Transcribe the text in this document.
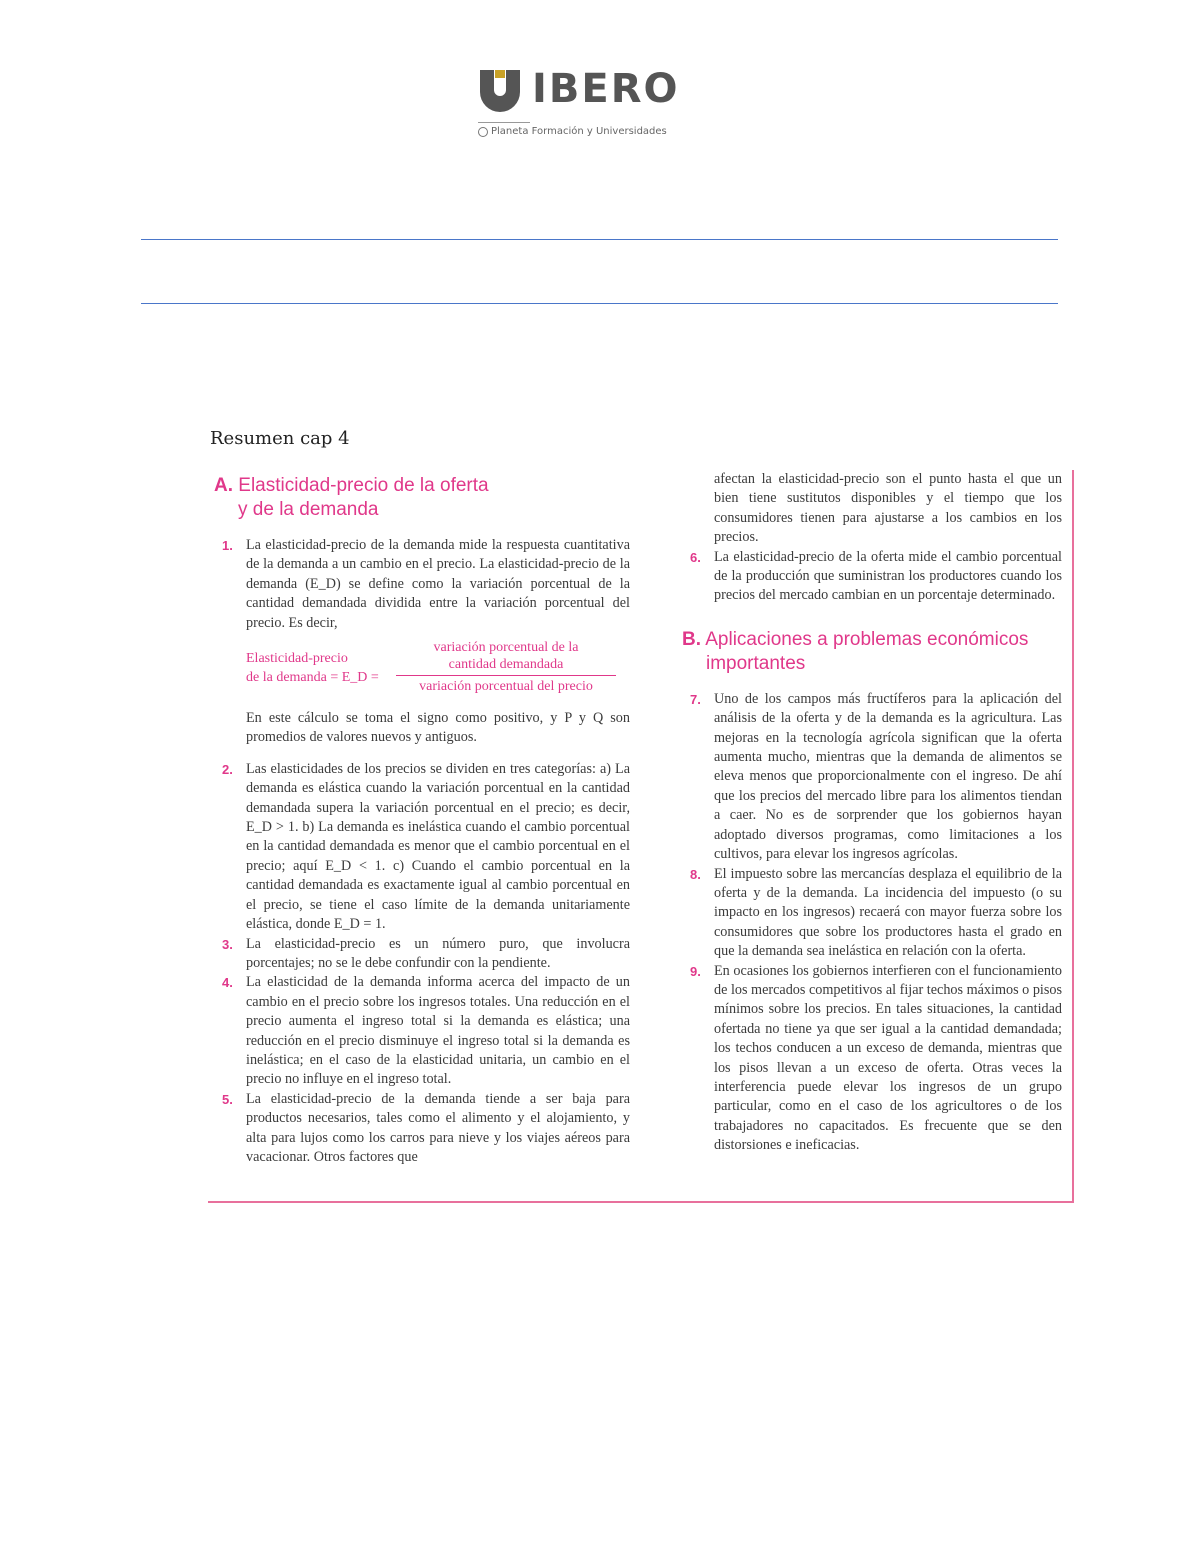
IBERO
Planeta Formación y Universidades
Resumen cap 4
A. Elasticidad-precio de la oferta
y de la demanda
1. La elasticidad-precio de la demanda mide la respuesta cuantitativa de la demanda a un cambio en el precio. La elasticidad-precio de la demanda (E_D) se define como la variación porcentual de la cantidad demandada dividida entre la variación porcentual del precio. Es decir,

Elasticidad-precio
de la demanda = E_D =
variación porcentual de la
cantidad demandada
variación porcentual del precio

En este cálculo se toma el signo como positivo, y P y Q son promedios de valores nuevos y antiguos.

2. Las elasticidades de los precios se dividen en tres categorías: a) La demanda es elástica cuando la variación porcentual en la cantidad demandada supera la variación porcentual en el precio; es decir, E_D > 1. b) La demanda es inelástica cuando el cambio porcentual en la cantidad demandada es menor que el cambio porcentual en el precio; aquí E_D < 1. c) Cuando el cambio porcentual en la cantidad demandada es exactamente igual al cambio porcentual en el precio, se tiene el caso límite de la demanda unitariamente elástica, donde E_D = 1.

3. La elasticidad-precio es un número puro, que involucra porcentajes; no se le debe confundir con la pendiente.

4. La elasticidad de la demanda informa acerca del impacto de un cambio en el precio sobre los ingresos totales. Una reducción en el precio aumenta el ingreso total si la demanda es elástica; una reducción en el precio disminuye el ingreso total si la demanda es inelástica; en el caso de la elasticidad unitaria, un cambio en el precio no influye en el ingreso total.

5. La elasticidad-precio de la demanda tiende a ser baja para productos necesarios, tales como el alimento y el alojamiento, y alta para lujos como los carros para nieve y los viajes aéreos para vacacionar. Otros factores que

afectan la elasticidad-precio son el punto hasta el que un bien tiene sustitutos disponibles y el tiempo que los consumidores tienen para ajustarse a los cambios en los precios.

6. La elasticidad-precio de la oferta mide el cambio porcentual de la producción que suministran los productores cuando los precios del mercado cambian en un porcentaje determinado.

B. Aplicaciones a problemas económicos
importantes
7. Uno de los campos más fructíferos para la aplicación del análisis de la oferta y de la demanda es la agricultura. Las mejoras en la tecnología agrícola significan que la oferta aumenta mucho, mientras que la demanda de alimentos se eleva menos que proporcionalmente con el ingreso. De ahí que los precios del mercado libre para los alimentos tiendan a caer. No es de sorprender que los gobiernos hayan adoptado diversos programas, como limitaciones a los cultivos, para elevar los ingresos agrícolas.

8. El impuesto sobre las mercancías desplaza el equilibrio de la oferta y de la demanda. La incidencia del impuesto (o su impacto en los ingresos) recaerá con mayor fuerza sobre los consumidores que sobre los productores hasta el grado en que la demanda sea inelástica en relación con la oferta.

9. En ocasiones los gobiernos interfieren con el funcionamiento de los mercados competitivos al fijar techos máximos o pisos mínimos sobre los precios. En tales situaciones, la cantidad ofertada no tiene ya que ser igual a la cantidad demandada; los techos conducen a un exceso de demanda, mientras que los pisos llevan a un exceso de oferta. Otras veces la interferencia puede elevar los ingresos de un grupo particular, como en el caso de los agricultores o de los trabajadores no capacitados. Es frecuente que se den distorsiones e ineficacias.
